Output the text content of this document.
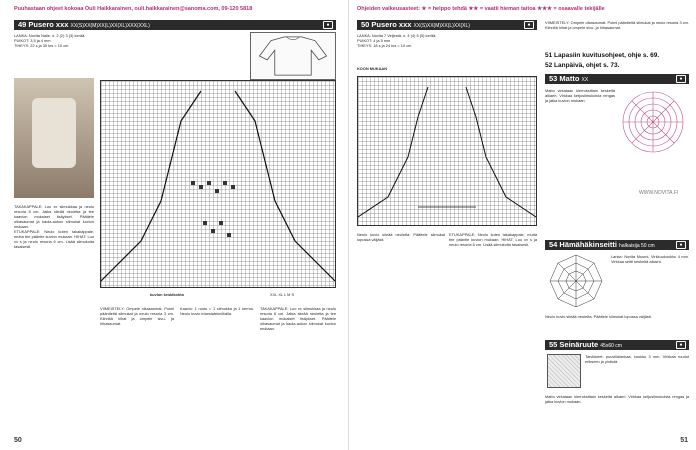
Puuhastaan ohjeet kokoaa Ouli Haikkarainen, ouli.haikkarainen@sanoma.com, 09-120 5818
49 Pusero xxx XX(S)XX(M)XX(L)XX(XL)XXX(XXL)	●
LANKA: Novita Nalle, n. 2 (2) 3 (3) kerää.
PUIKOT: 3,5 ja 4 mm
TIHEYS: 22 s ja 30 krs = 10 cm
TAKAKAPPALE: Luo xx silmukkaa ja neulo resoria 8 cm. Jatka sileää neuletta ja tee kaavion mukaiset lisäykset. Päättele olkasaumat ja kaula-aukon silmukat kuvion mukaan.
ETUKAPPALE: Neulo kuten takakappale, mutta tee pääntie kuvion mukaan. HIHAT: Luo xx s ja neulo resoria 6 cm. Lisää silmukoita tasaisesti.
kuvion keskikohta	XXL XL L M S
VIIMEISTELY: Ompele olkasaumat. Poimi pääntieltä silmukat ja neulo resoria 3 cm. Kiinnitä hihat ja ompele sivu- ja hihasaumat.
Kaavio: 1 ruutu = 1 silmukka ja 1 kerros. Neulo kuvio intarsiatekniikalla.
TAKAKAPPALE: Luo xx silmukkaa ja neulo resoria 8 cm. Jatka sileää neuletta ja tee kaavion mukaiset lisäykset. Päättele olkasaumat ja kaula-aukon silmukat kuvion mukaan.
50
Ohjeiden vaikeusasteet: ★ = helppo tehdä ★★ = vaatii hieman taitoa ★★★ = osaavalle tekijälle
50 Pusero xxx XX(S)XX(M)XX(L)XX(XL)	●
LANKA: Novita 7 Veljestä, n. 4 (4) 5 (5) kerää.
PUIKOT: 4 ja 5 mm
TIHEYS: 18 s ja 24 krs = 10 cm
KOON MUKAAN
Neulo kuvio sileää neuletta. Päättele silmukat lopussa väljästi.
ETUKAPPALE: Neulo kuten takakappale, mutta tee pääntie kuvion mukaan. HIHAT: Luo xx s ja neulo resoria 6 cm. Lisää silmukoita tasaisesti.
VIIMEISTELY: Ompele olkasaumat. Poimi pääntieltä silmukat ja neulo resoria 3 cm. Kiinnitä hihat ja ompele sivu- ja hihasaumat.
51 Lapasiin kuvitusohjeet, ohje s. 69.
52 Lanpäivä, ohjet s. 73.
53 Matto XX	●
Matto virkataan kierroksittain keskeltä alkaen. Virkkaa ketjusilmukoista rengas ja jatka kuvion mukaan.
WWW.NOVITA.FI
54 Hämähäkinseitti halkaisija 50 cm	●
Lanka: Novita Muumi. Virkkuukoukku 4 mm. Virkkaa seitti keskeltä alkaen.
Neulo kuvio sileää neuletta. Päättele silmukat lopussa väljästi.
55 Seinäruute 45x60 cm	●
Tarvikkeet: puuvillalankaa, koukku 3 mm. Virkkaa ruudut erikseen ja yhdistä.
Matto virkataan kierroksittain keskeltä alkaen. Virkkaa ketjusilmukoista rengas ja jatka kuvion mukaan.
51
